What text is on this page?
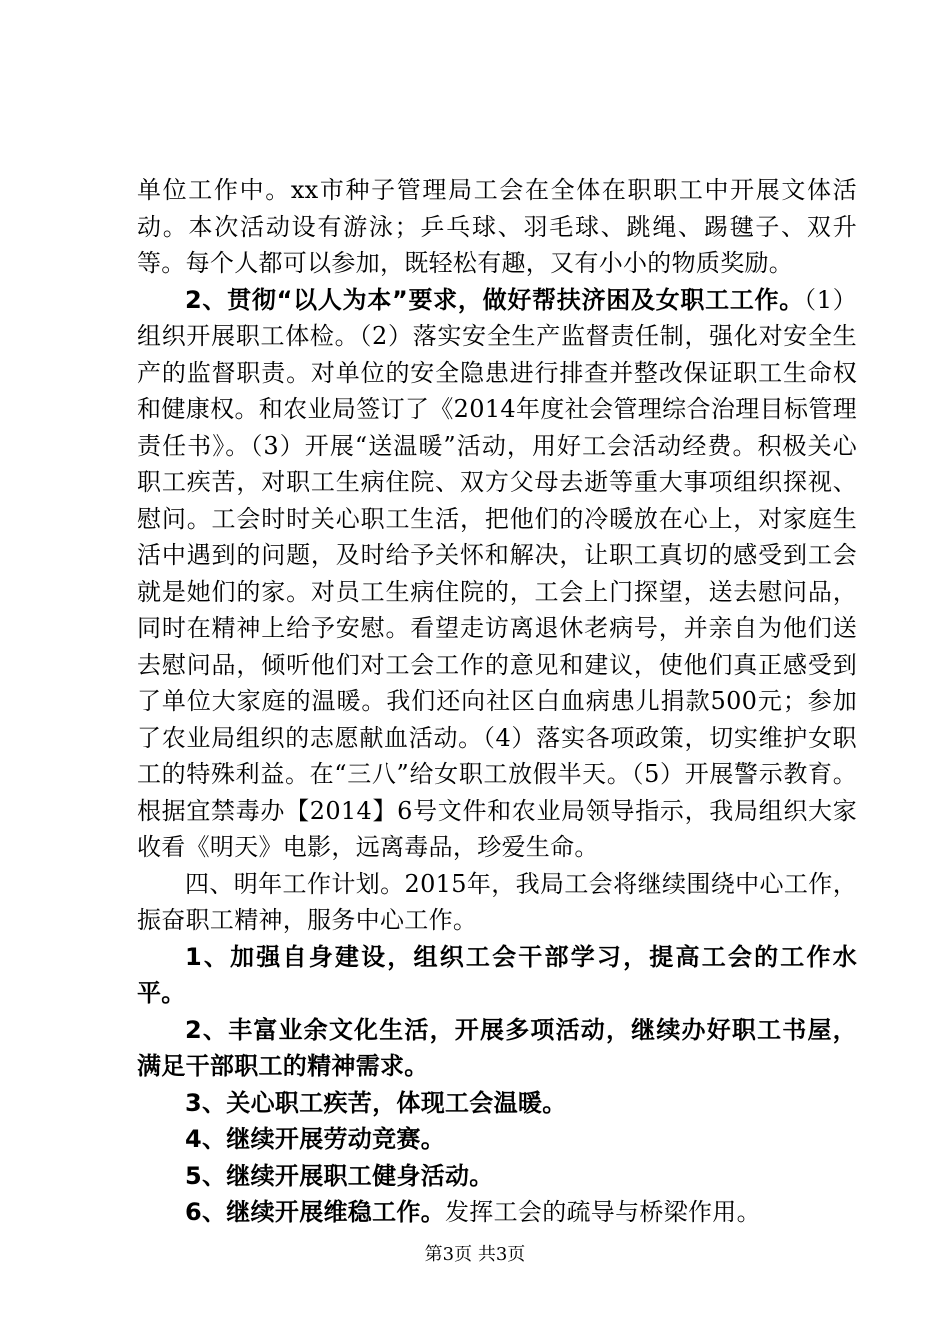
单位工作中。xx市种子管理局工会在全体在职职工中开展文体活动。本次活动设有游泳；乒乓球、羽毛球、跳绳、踢毽子、双升等。每个人都可以参加，既轻松有趣，又有小小的物质奖励。

2、贯彻“以人为本”要求，做好帮扶济困及女职工工作。（1）组织开展职工体检。（2）落实安全生产监督责任制，强化对安全生产的监督职责。对单位的安全隐患进行排查并整改保证职工生命权和健康权。和农业局签订了《2014年度社会管理综合治理目标管理责任书》。（3）开展“送温暖”活动，用好工会活动经费。积极关心职工疾苦，对职工生病住院、双方父母去逝等重大事项组织探视、慰问。工会时时关心职工生活，把他们的冷暖放在心上，对家庭生活中遇到的问题，及时给予关怀和解决，让职工真切的感受到工会就是她们的家。对员工生病住院的，工会上门探望，送去慰问品，同时在精神上给予安慰。看望走访离退休老病号，并亲自为他们送去慰问品，倾听他们对工会工作的意见和建议，使他们真正感受到了单位大家庭的温暖。我们还向社区白血病患儿捐款500元；参加了农业局组织的志愿献血活动。（4）落实各项政策，切实维护女职工的特殊利益。在“三八”给女职工放假半天。（5）开展警示教育。根据宜禁毒办【2014】6号文件和农业局领导指示，我局组织大家收看《明天》电影，远离毒品，珍爱生命。

四、明年工作计划。2015年，我局工会将继续围绕中心工作，振奋职工精神，服务中心工作。

1、加强自身建设，组织工会干部学习，提高工会的工作水平。

2、丰富业余文化生活，开展多项活动，继续办好职工书屋，满足干部职工的精神需求。

3、关心职工疾苦，体现工会温暖。

4、继续开展劳动竞赛。

5、继续开展职工健身活动。

6、继续开展维稳工作。发挥工会的疏导与桥梁作用。

第3页 共3页
